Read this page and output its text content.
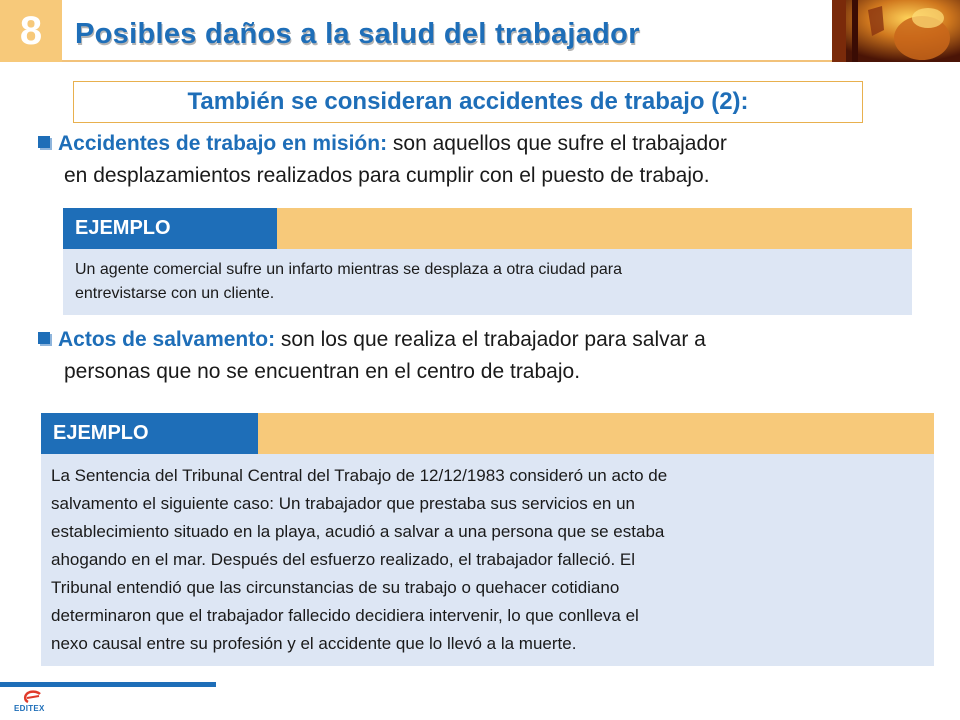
8 Posibles daños a la salud del trabajador
También se consideran accidentes de trabajo (2):
Accidentes de trabajo en misión: son aquellos que sufre el trabajador
en desplazamientos realizados para cumplir con el puesto de trabajo.
EJEMPLO
Un agente comercial sufre un infarto mientras se desplaza a otra ciudad para
entrevistarse con un cliente.
Actos de salvamento: son los que realiza el trabajador para salvar a
personas que no se encuentran en el centro de trabajo.
EJEMPLO
La Sentencia del Tribunal Central del Trabajo de 12/12/1983 consideró un acto de
salvamento el siguiente caso: Un trabajador que prestaba sus servicios en un
establecimiento situado en la playa, acudió a salvar a una persona que se estaba
ahogando en el mar. Después del esfuerzo realizado, el trabajador falleció. El
Tribunal entendió que las circunstancias de su trabajo o quehacer cotidiano
determinaron que el trabajador fallecido decidiera intervenir, lo que conlleva el
nexo causal entre su profesión y el accidente que lo llevó a la muerte.
EDITEX
